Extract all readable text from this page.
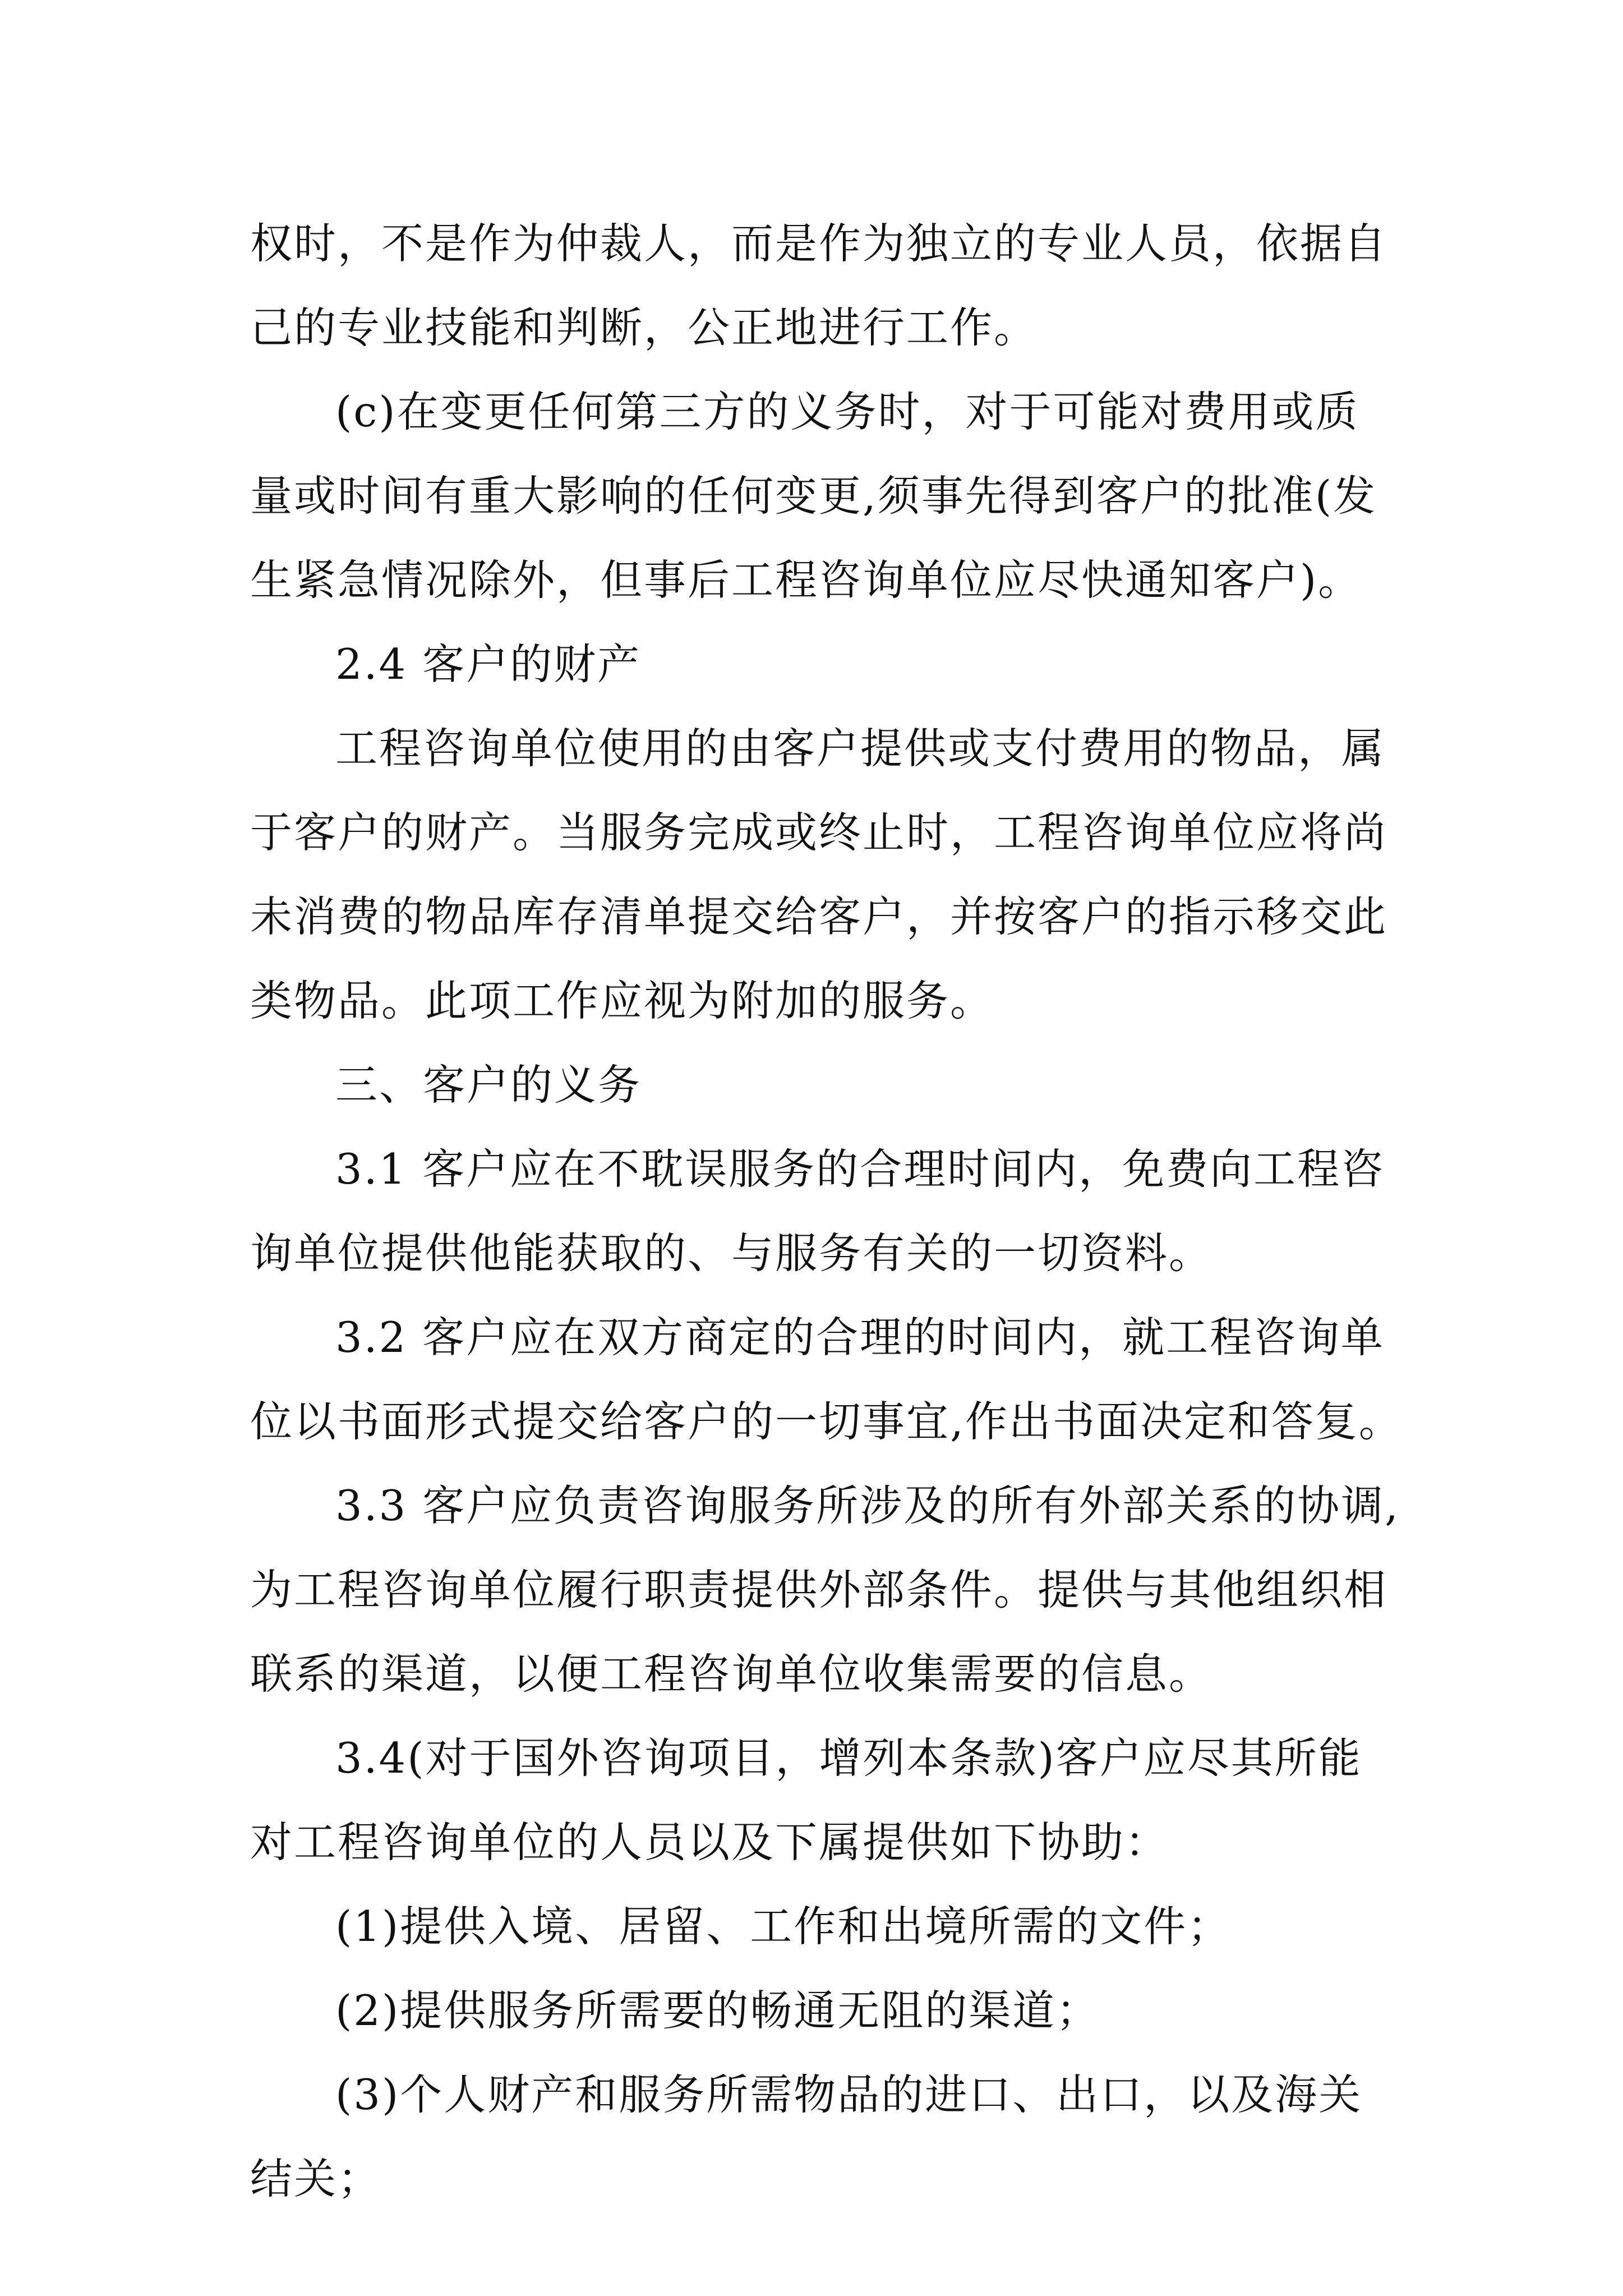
权时，不是作为仲裁人，而是作为独立的专业人员，依据自
己的专业技能和判断，公正地进行工作。
(c)在变更任何第三方的义务时，对于可能对费用或质
量或时间有重大影响的任何变更,须事先得到客户的批准(发
生紧急情况除外，但事后工程咨询单位应尽快通知客户)。
2.4 客户的财产
工程咨询单位使用的由客户提供或支付费用的物品，属
于客户的财产。当服务完成或终止时，工程咨询单位应将尚
未消费的物品库存清单提交给客户，并按客户的指示移交此
类物品。此项工作应视为附加的服务。
三、客户的义务
3.1 客户应在不耽误服务的合理时间内，免费向工程咨
询单位提供他能获取的、与服务有关的一切资料。
3.2 客户应在双方商定的合理的时间内，就工程咨询单
位以书面形式提交给客户的一切事宜,作出书面决定和答复。
3.3 客户应负责咨询服务所涉及的所有外部关系的协调,
为工程咨询单位履行职责提供外部条件。提供与其他组织相
联系的渠道，以便工程咨询单位收集需要的信息。
3.4(对于国外咨询项目，增列本条款)客户应尽其所能
对工程咨询单位的人员以及下属提供如下协助：
(1)提供入境、居留、工作和出境所需的文件；
(2)提供服务所需要的畅通无阻的渠道；
(3)个人财产和服务所需物品的进口、出口，以及海关
结关；
